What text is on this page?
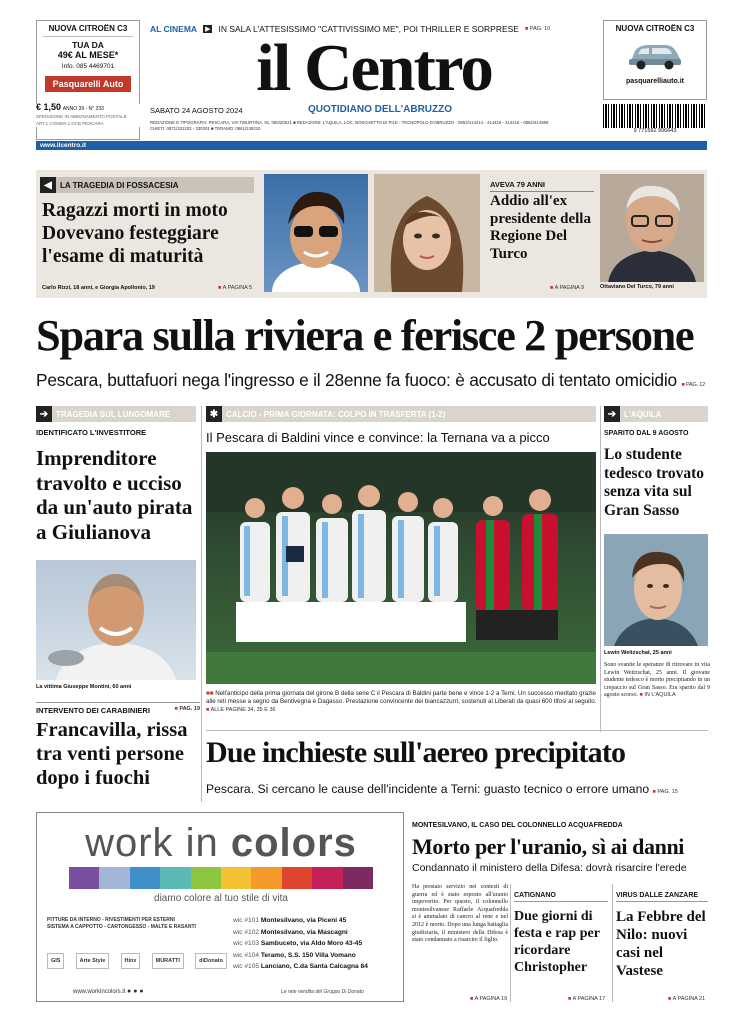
NUOVA CITROËN C3
TUA DA
49€ AL MESE*
Info. 085 4469701
Pasquarelli Auto
€ 1,50 ANNO 39 - N° 233
SPEDIZIONE IN ABBONAMENTO POSTALE
ART.1 COMMA 1 DCB PESCARA
AL CINEMA ▶ IN SALA L'ATTESISSIMO "CATTIVISSIMO ME", POI THRILLER E SORPRESE ■ PAG. 10
il Centro
QUOTIDIANO DELL'ABRUZZO
SABATO 24 AGOSTO 2024
REDAZIONE E TIPOGRAFIA: PESCARA, VIA TIBURTINA, 91, 085/20521 ■ REDAZIONI: L'AQUILA, LOC. BOSCHETTO DI PILE - TECNOPOLO D'ABRUZZO - 0862/414414 - 414415 - 414416 - 0862/414959
CHIETI: 0871/331203 - 330301 ■ TERAMO: 0861/245210
NUOVA CITROËN C3
pasquarelliauto.it
9 771592 906643
www.ilcentro.it
◀	LA TRAGEDIA DI FOSSACESIA
Ragazzi morti in moto Dovevano festeggiare l'esame di maturità
Carlo Rizzi, 18 anni, e Giorgia Apollonio, 19	■ A PAGINA 5
AVEVA 79 ANNI
Addio all'ex presidente della Regione Del Turco
■ A PAGINA 9	Ottaviano Del Turco, 79 anni
Spara sulla riviera e ferisce 2 persone
Pescara, buttafuori nega l'ingresso e il 28enne fa fuoco: è accusato di tentato omicidio ■ PAG. 12
➔ TRAGEDIA SUL LUNGOMARE
IDENTIFICATO L'INVESTITORE
Imprenditore travolto e ucciso da un'auto pirata a Giulianova
La vittima Giuseppe Montini, 60 anni
INTERVENTO DEI CARABINIERI	■ PAG. 19
Francavilla, rissa tra venti persone dopo i fuochi
✱ CALCIO - PRIMA GIORNATA: COLPO IN TRASFERTA (1-2)
Il Pescara di Baldini vince e convince: la Ternana va a picco
■■ Nell'anticipo della prima giornata del girone B della serie C il Pescara di Baldini parte bene e vince 1-2 a Terni. Un successo meritato grazie alle reti messe a segno da Bentivegna e Dagasso. Prestazione convincente dei biancazzurri, sostenuti al Liberati da quasi 600 tifosi al seguito. ■ ALLE PAGINE 34, 35 E 36
Due inchieste sull'aereo precipitato
Pescara. Si cercano le cause dell'incidente a Terni: guasto tecnico o errore umano ■ PAG. 15
➔ L'AQUILA
SPARITO DAL 9 AGOSTO
Lo studente tedesco trovato senza vita sul Gran Sasso
Lewin Weitzschat, 25 anni
Sono svanite le speranze di ritrovare in vita Lewin Weitzschat, 25 anni. Il giovane studente tedesco è morto precipitando in un crepaccio sul Gran Sasso. Era sparito dal 9 agosto scorso. ■ IN L'AQUILA
work in colors
diamo colore al tuo stile di vita
PITTURE DA INTERNO - RIVESTIMENTI PER ESTERNI
SISTEMA A CAPPOTTO - CARTONGESSO - MALTE E RASANTI
wic #101 Montesilvano, via Piceni 45
wic #102 Montesilvano, via Mascagni
wic #103 Sambuceto, via Aldo Moro 43-45
wic #104 Teramo, S.S. 150 Villa Vomano
wic #105 Lanciano, C.da Santa Calcagna 84
GIS	Arte Style	Hinx	MURATTI	diDonato
www.workincolors.it ● ● ●	Le rete vendita del Gruppo Di Donato
MONTESILVANO, IL CASO DEL COLONNELLO ACQUAFREDDA
Morto per l'uranio, sì ai danni
Condannato il ministero della Difesa: dovrà risarcire l'erede
Ha prestato servizio nei contesti di guerra ed è stato esposto all'uranio impoverito. Per questo, il colonnello montesilvanese Raffaele Acquafredda si è ammalato di cancro al rene e nel 2012 è morto. Dopo una lunga battaglia giudiziaria, il ministero della Difesa è stato condannato a risarcire il figlio.
■ A PAGINA 19
CATIGNANO
Due giorni di festa e rap per ricordare Christopher
■ A PAGINA 17
VIRUS DALLE ZANZARE
La Febbre del Nilo: nuovi casi nel Vastese
■ A PAGINA 21
